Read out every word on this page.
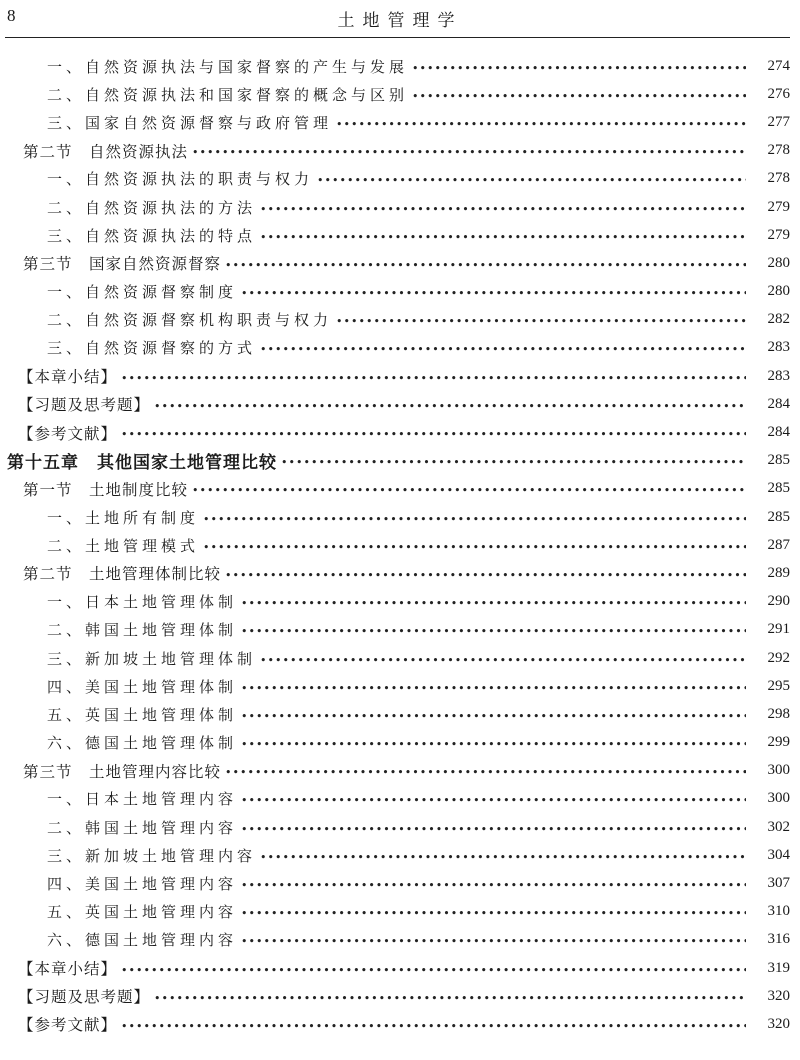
8	土地管理学
一、自然资源执法与国家督察的产生与发展 •••••	274
二、自然资源执法和国家督察的概念与区别 •••••	276
三、国家自然资源督察与政府管理 •••••	277
第二节　自然资源执法 •••••	278
一、自然资源执法的职责与权力 •••••	278
二、自然资源执法的方法 •••••	279
三、自然资源执法的特点 •••••	279
第三节　国家自然资源督察 •••••	280
一、自然资源督察制度 •••••	280
二、自然资源督察机构职责与权力 •••••	282
三、自然资源督察的方式 •••••	283
【本章小结】 •••••	283
【习题及思考题】 •••••	284
【参考文献】 •••••	284
第十五章　其他国家土地管理比较 •••••	285
第一节　土地制度比较 •••••	285
一、土地所有制度 •••••	285
二、土地管理模式 •••••	287
第二节　土地管理体制比较 •••••	289
一、日本土地管理体制 •••••	290
二、韩国土地管理体制 •••••	291
三、新加坡土地管理体制 •••••	292
四、美国土地管理体制 •••••	295
五、英国土地管理体制 •••••	298
六、德国土地管理体制 •••••	299
第三节　土地管理内容比较 •••••	300
一、日本土地管理内容 •••••	300
二、韩国土地管理内容 •••••	302
三、新加坡土地管理内容 •••••	304
四、美国土地管理内容 •••••	307
五、英国土地管理内容 •••••	310
六、德国土地管理内容 •••••	316
【本章小结】 •••••	319
【习题及思考题】 •••••	320
【参考文献】 •••••	320
